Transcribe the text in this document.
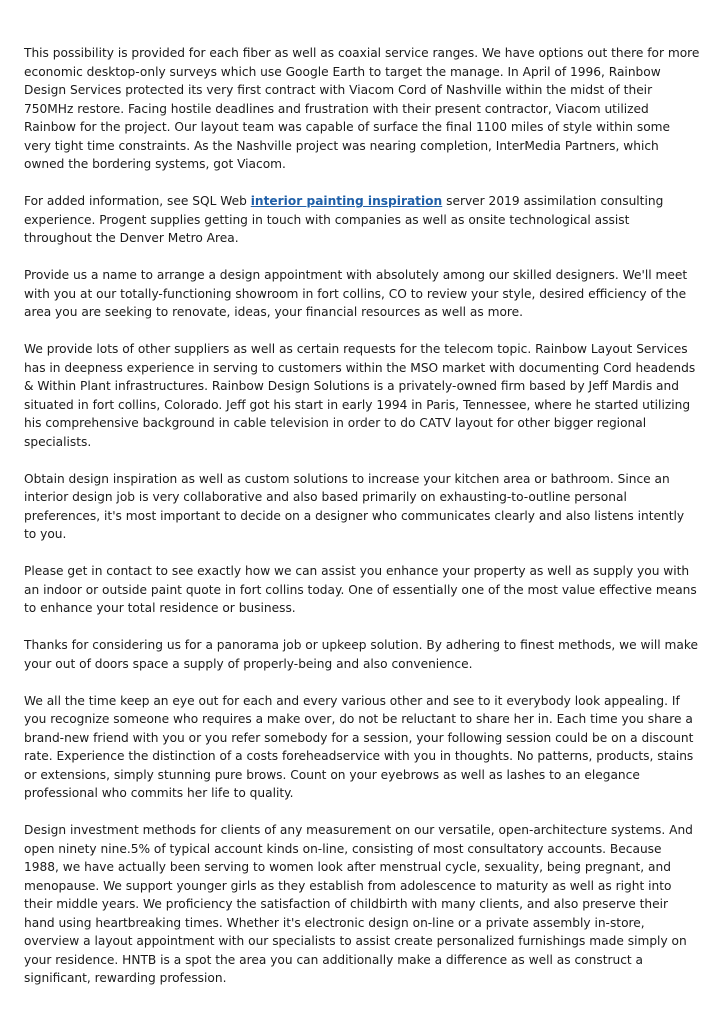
This possibility is provided for each fiber as well as coaxial service ranges. We have options out there for more economic desktop-only surveys which use Google Earth to target the manage. In April of 1996, Rainbow Design Services protected its very first contract with Viacom Cord of Nashville within the midst of their 750MHz restore. Facing hostile deadlines and frustration with their present contractor, Viacom utilized Rainbow for the project. Our layout team was capable of surface the final 1100 miles of style within some very tight time constraints. As the Nashville project was nearing completion, InterMedia Partners, which owned the bordering systems, got Viacom.

For added information, see SQL Web interior painting inspiration server 2019 assimilation consulting experience. Progent supplies getting in touch with companies as well as onsite technological assist throughout the Denver Metro Area.

Provide us a name to arrange a design appointment with absolutely among our skilled designers. We'll meet with you at our totally-functioning showroom in fort collins, CO to review your style, desired efficiency of the area you are seeking to renovate, ideas, your financial resources as well as more.

We provide lots of other suppliers as well as certain requests for the telecom topic. Rainbow Layout Services has in deepness experience in serving to customers within the MSO market with documenting Cord headends & Within Plant infrastructures. Rainbow Design Solutions is a privately-owned firm based by Jeff Mardis and situated in fort collins, Colorado. Jeff got his start in early 1994 in Paris, Tennessee, where he started utilizing his comprehensive background in cable television in order to do CATV layout for other bigger regional specialists.

Obtain design inspiration as well as custom solutions to increase your kitchen area or bathroom. Since an interior design job is very collaborative and also based primarily on exhausting-to-outline personal preferences, it's most important to decide on a designer who communicates clearly and also listens intently to you.

Please get in contact to see exactly how we can assist you enhance your property as well as supply you with an indoor or outside paint quote in fort collins today. One of essentially one of the most value effective means to enhance your total residence or business.

Thanks for considering us for a panorama job or upkeep solution. By adhering to finest methods, we will make your out of doors space a supply of properly-being and also convenience.

We all the time keep an eye out for each and every various other and see to it everybody look appealing. If you recognize someone who requires a make over, do not be reluctant to share her in. Each time you share a brand-new friend with you or you refer somebody for a session, your following session could be on a discount rate. Experience the distinction of a costs foreheadservice with you in thoughts. No patterns, products, stains or extensions, simply stunning pure brows. Count on your eyebrows as well as lashes to an elegance professional who commits her life to quality.

Design investment methods for clients of any measurement on our versatile, open-architecture systems. And open ninety nine.5% of typical account kinds on-line, consisting of most consultatory accounts. Because 1988, we have actually been serving to women look after menstrual cycle, sexuality, being pregnant, and menopause. We support younger girls as they establish from adolescence to maturity as well as right into their middle years. We proficiency the satisfaction of childbirth with many clients, and also preserve their hand using heartbreaking times. Whether it's electronic design on-line or a private assembly in-store, overview a layout appointment with our specialists to assist create personalized furnishings made simply on your residence. HNTB is a spot the area you can additionally make a difference as well as construct a significant, rewarding profession.
